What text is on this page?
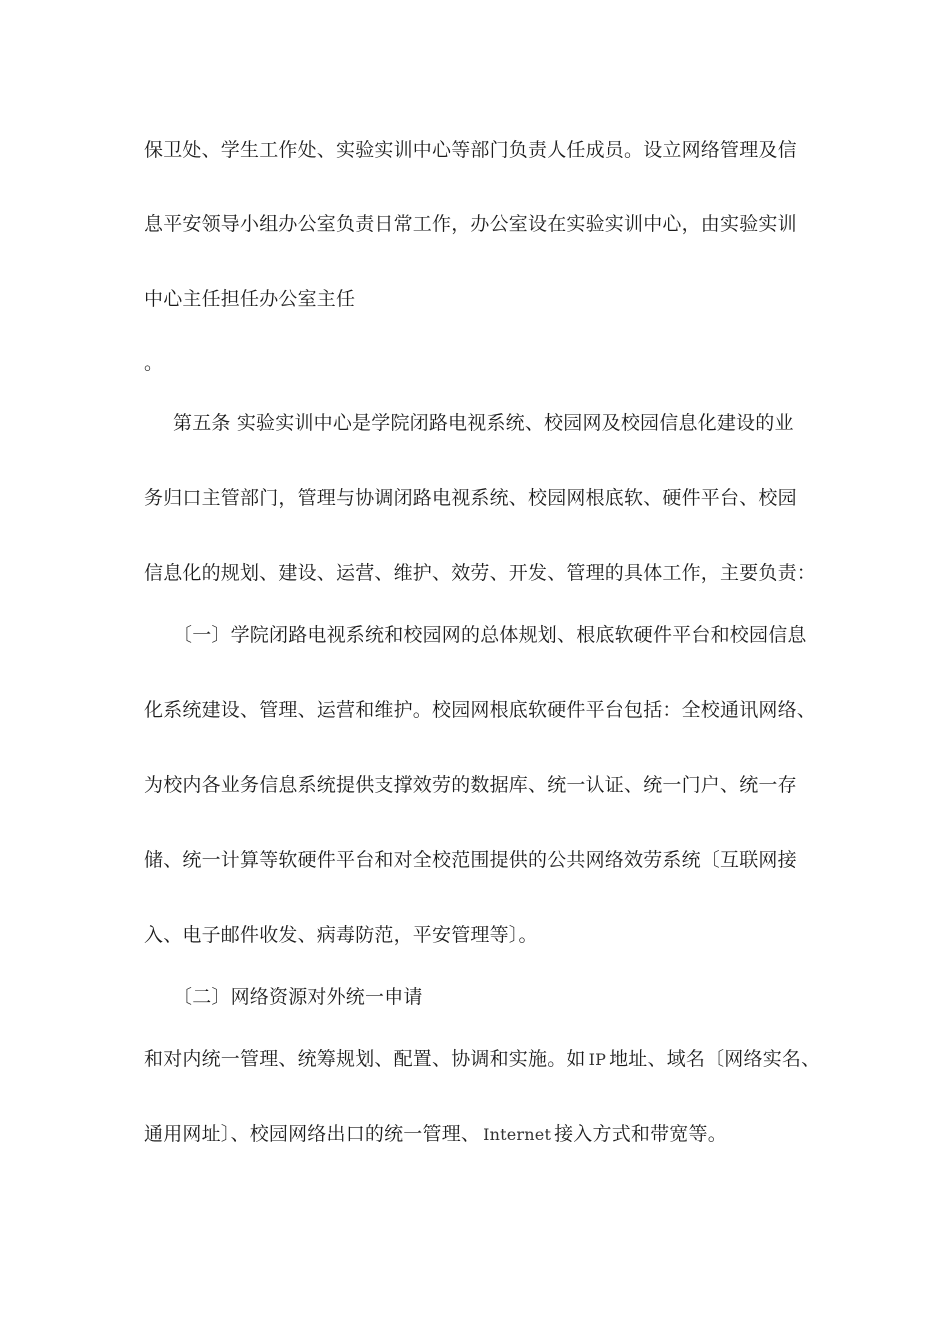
保卫处、学生工作处、实验实训中心等部门负责人任成员。设立网络管理及信
息平安领导小组办公室负责日常工作，办公室设在实验实训中心，由实验实训
中心主任担任办公室主任
。
第五条 实验实训中心是学院闭路电视系统、校园网及校园信息化建设的业
务归口主管部门，管理与协调闭路电视系统、校园网根底软、硬件平台、校园
信息化的规划、建设、运营、维护、效劳、开发、管理的具体工作，主要负责：
〔一〕学院闭路电视系统和校园网的总体规划、根底软硬件平台和校园信息
化系统建设、管理、运营和维护。校园网根底软硬件平台包括：全校通讯网络、
为校内各业务信息系统提供支撑效劳的数据库、统一认证、统一门户、统一存
储、统一计算等软硬件平台和对全校范围提供的公共网络效劳系统〔互联网接
入、电子邮件收发、病毒防范，平安管理等〕。
〔二〕网络资源对外统一申请
和对内统一管理、统筹规划、配置、协调和实施。如 IP 地址、域名〔网络实名、
通用网址〕、校园网络出口的统一管理、 Internet 接入方式和带宽等。
